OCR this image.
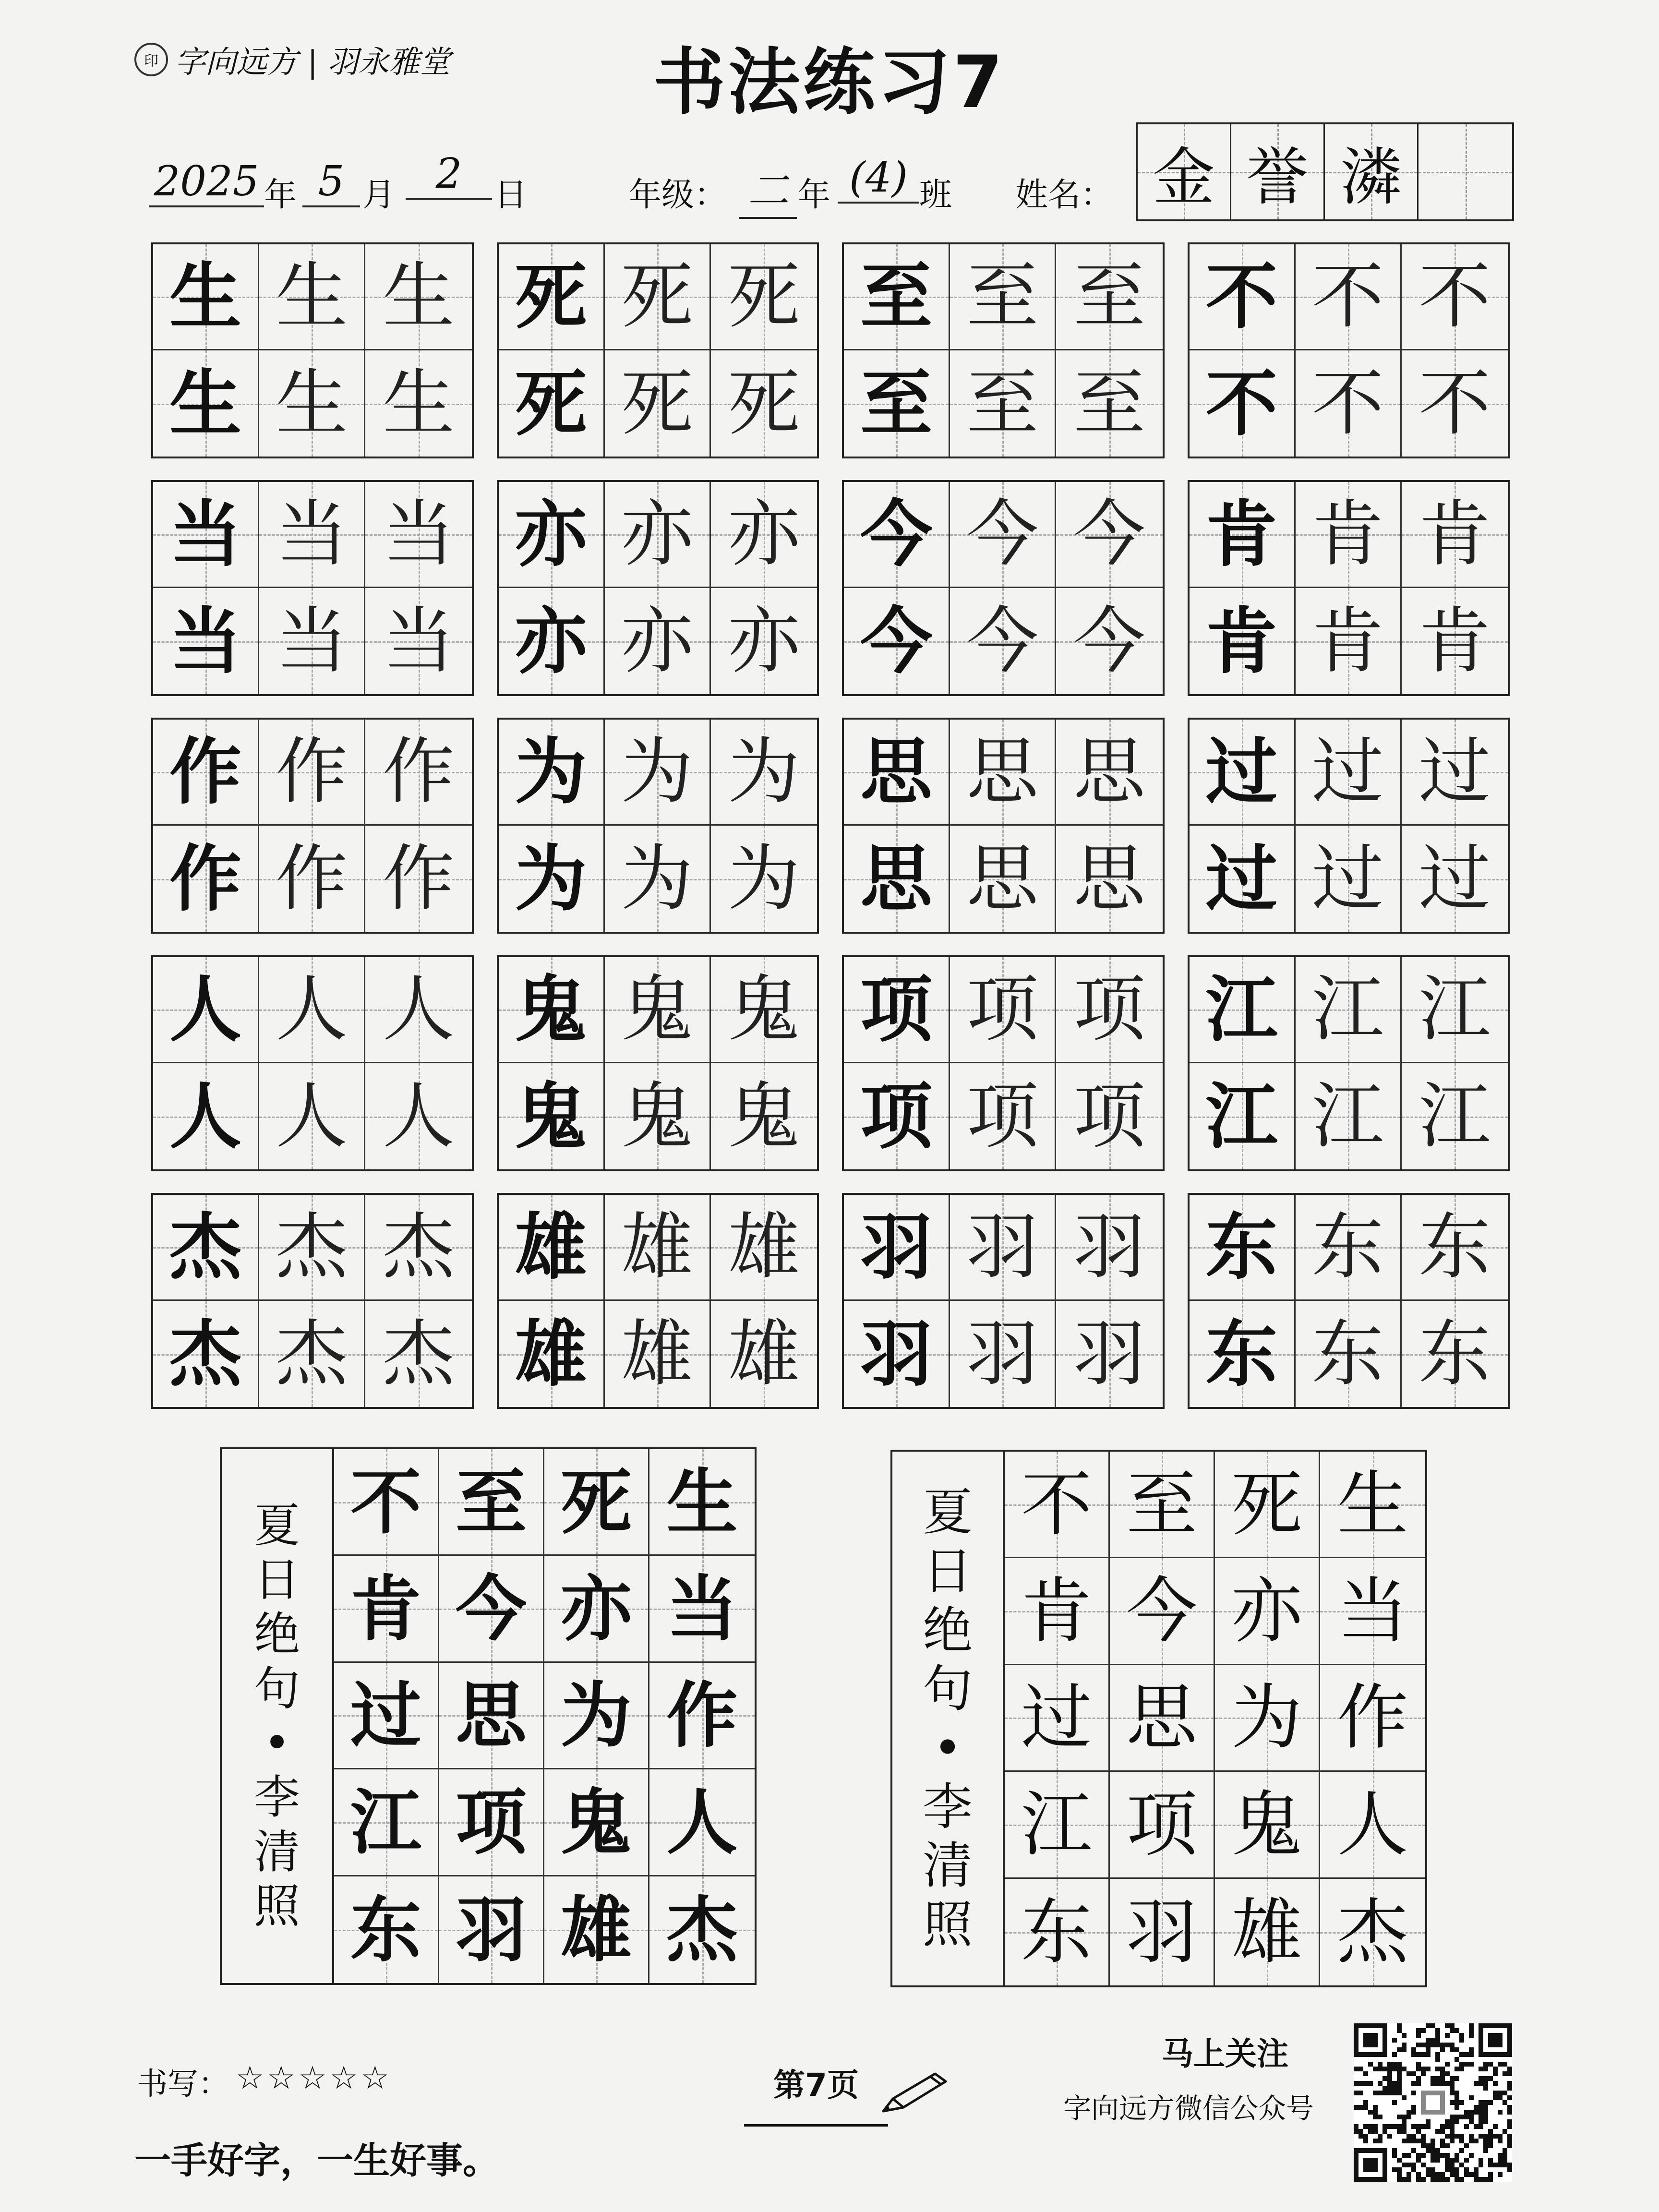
印 字向远方 | 羽永雅堂	书法练习7
2025 年 5 月 2 日	年级： 二 年 (4) 班 姓名： 金 誉 潾
生 生 生
生 生 生
死 死 死
死 死 死
至 至 至
至 至 至
不 不 不
不 不 不
当 当 当
当 当 当
亦 亦 亦
亦 亦 亦
今 今 今
今 今 今
肯 肯 肯
肯 肯 肯
作 作 作
作 作 作
为 为 为
为 为 为
思 思 思
思 思 思
过 过 过
过 过 过
人 人 人
人 人 人
鬼 鬼 鬼
鬼 鬼 鬼
项 项 项
项 项 项
江 江 江
江 江 江
杰 杰 杰
杰 杰 杰
雄 雄 雄
雄 雄 雄
羽 羽 羽
羽 羽 羽
东 东 东
东 东 东
夏
日
绝
句
•
李
清
照
不 至 死 生
肯 今 亦 当
过 思 为 作
江 项 鬼 人
东 羽 雄 杰
夏
日
绝
句
•
李
清
照
不 至 死 生
肯 今 亦 当
过 思 为 作
江 项 鬼 人
东 羽 雄 杰
书写： ☆☆☆☆☆	第7页
一手好字，一生好事。
马上关注
字向远方微信公众号
